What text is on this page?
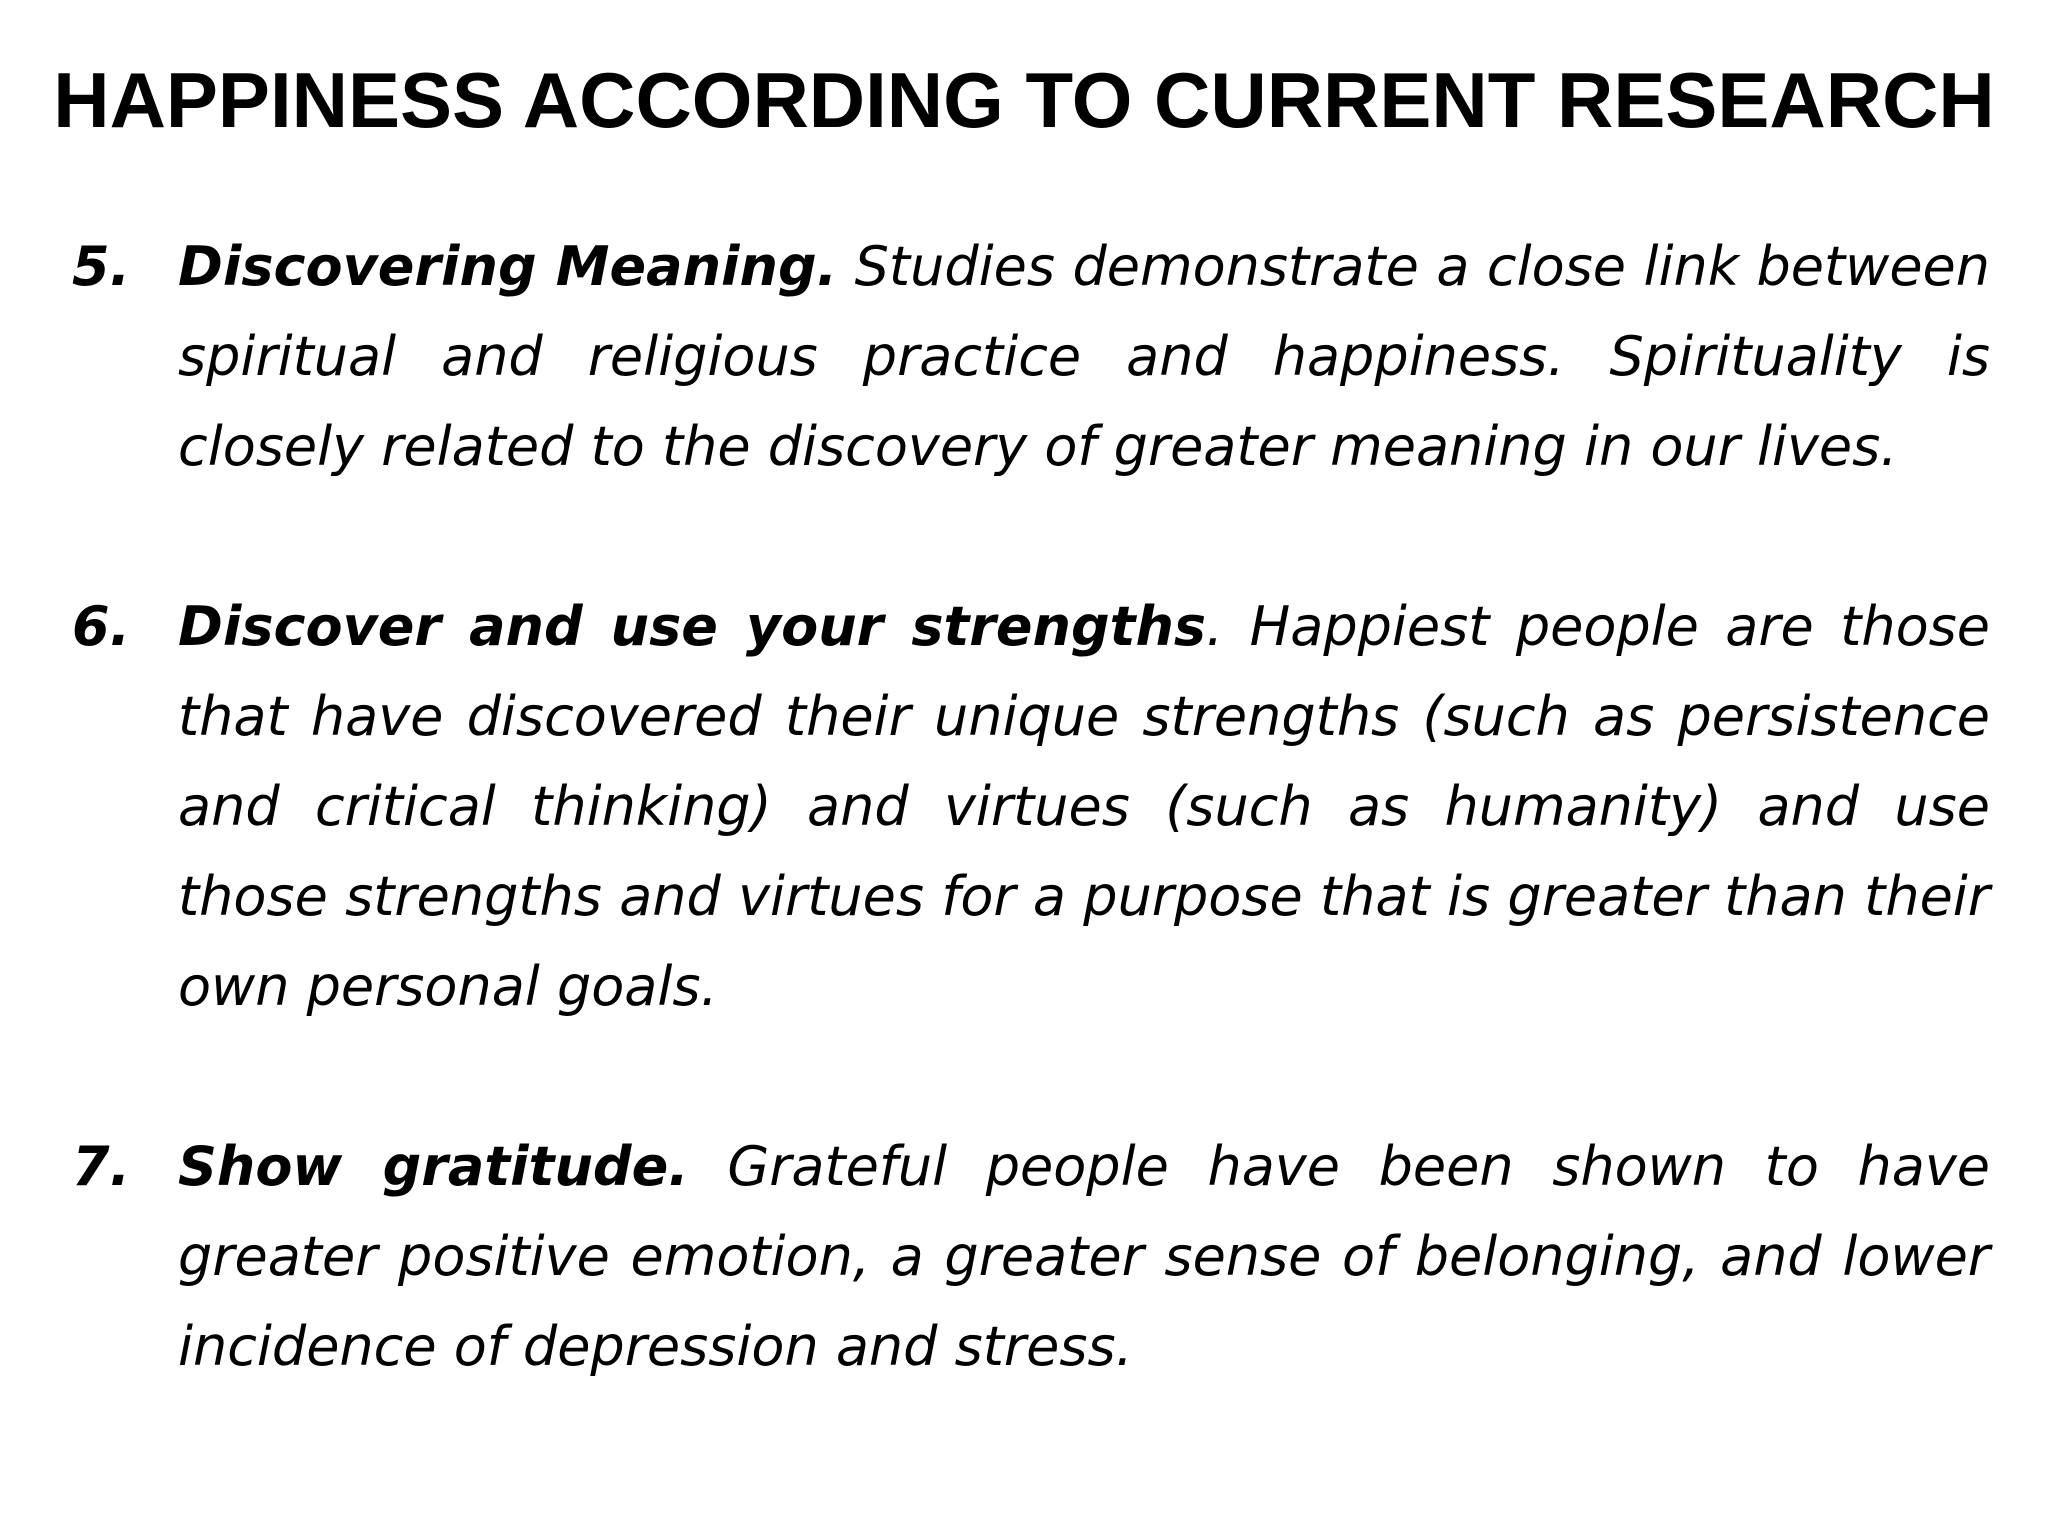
HAPPINESS ACCORDING TO CURRENT RESEARCH
5. Discovering Meaning. Studies demonstrate a close link between spiritual and religious practice and happiness. Spirituality is closely related to the discovery of greater meaning in our lives.
6. Discover and use your strengths. Happiest people are those that have discovered their unique strengths (such as persistence and critical thinking) and virtues (such as humanity) and use those strengths and virtues for a purpose that is greater than their own personal goals.
7. Show gratitude. Grateful people have been shown to have greater positive emotion, a greater sense of belonging, and lower incidence of depression and stress.
